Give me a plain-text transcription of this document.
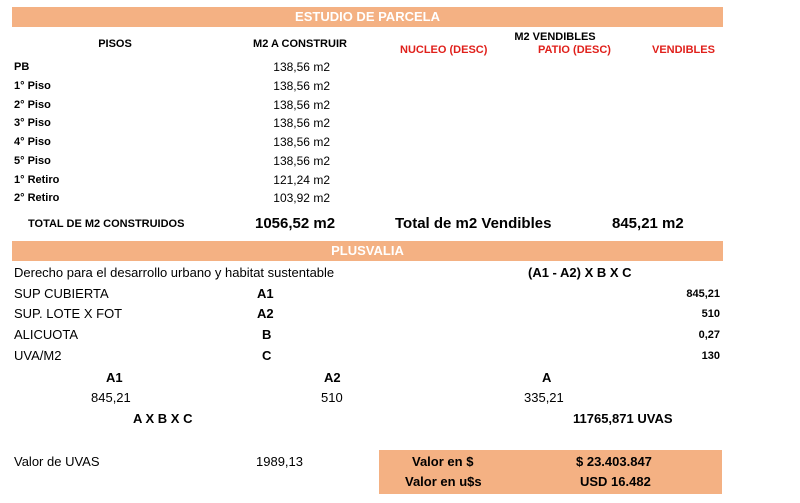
ESTUDIO DE PARCELA
PISOS	M2 A CONSTRUIR
M2 VENDIBLES
NUCLEO (DESC)	PATIO (DESC)	VENDIBLES
PB	138,56 m2
1° Piso	138,56 m2
2° Piso	138,56 m2
3° Piso	138,56 m2
4° Piso	138,56 m2
5° Piso	138,56 m2
1° Retiro	121,24 m2
2° Retiro	103,92 m2
TOTAL DE M2 CONSTRUIDOS	1056,52 m2	Total de m2 Vendibles	845,21 m2
PLUSVALIA
Derecho para el desarrollo urbano y habitat sustentable	(A1 - A2) X B X C
SUP CUBIERTA	A1	845,21
SUP. LOTE X FOT	A2	510
ALICUOTA	B	0,27
UVA/M2	C	130
A1	A2	A
845,21	510	335,21
A X B X C	11765,871 UVAS
Valor de UVAS	1989,13	Valor en $	$ 23.403.847
Valor en u$s	USD 16.482
